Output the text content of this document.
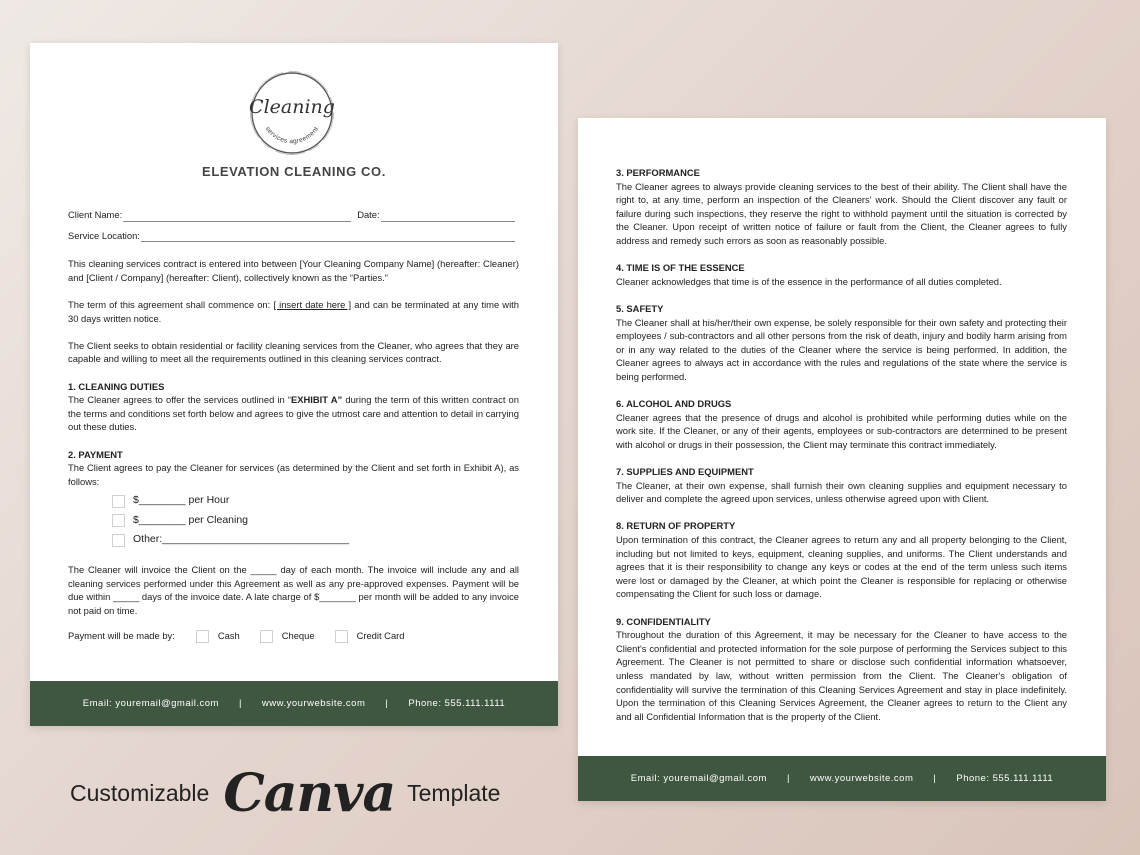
Cleaning
services agreement
ELEVATION CLEANING CO.
Client Name:	Date:
Service Location:

This cleaning services contract is entered into between [Your Cleaning Company Name] (hereafter: Cleaner) and [Client / Company] (hereafter: Client), collectively known as the “Parties.”

The term of this agreement shall commence on: [ insert date here ] and can be terminated at any time with 30 days written notice.

The Client seeks to obtain residential or facility cleaning services from the Cleaner, who agrees that they are capable and willing to meet all the requirements outlined in this cleaning services contract.

1. CLEANING DUTIES

The Cleaner agrees to offer the services outlined in “EXHIBIT A” during the term of this written contract on the terms and conditions set forth below and agrees to give the utmost care and attention to detail in carrying out these duties.

2. PAYMENT

The Client agrees to pay the Cleaner for services (as determined by the Client and set forth in Exhibit A), as follows:

$________ per Hour
$________ per Cleaning
Other:________________________________

The Cleaner will invoice the Client on the _____ day of each month. The invoice will include any and all cleaning services performed under this Agreement as well as any pre-approved expenses. Payment will be due within _____ days of the invoice date. A late charge of $_______ per month will be added to any invoice not paid on time.

Payment will be made by:	Cash	Cheque	Credit Card
Email: youremail@gmail.com | www.yourwebsite.com | Phone: 555.111.1111
3. PERFORMANCE

The Cleaner agrees to always provide cleaning services to the best of their ability. The Client shall have the right to, at any time, perform an inspection of the Cleaners' work. Should the Client discover any fault or failure during such inspections, they reserve the right to withhold payment until the situation is corrected by the Cleaner. Upon receipt of written notice of failure or fault from the Client, the Cleaner agrees to fully address and remedy such errors as soon as reasonably possible.

4. TIME IS OF THE ESSENCE

Cleaner acknowledges that time is of the essence in the performance of all duties completed.

5. SAFETY

The Cleaner shall at his/her/their own expense, be solely responsible for their own safety and protecting their employees / sub-contractors and all other persons from the risk of death, injury and bodily harm arising from or in any way related to the duties of the Cleaner where the service is being performed. In addition, the Cleaner agrees to always act in accordance with the rules and regulations of the state where the service is being performed.

6. ALCOHOL AND DRUGS

Cleaner agrees that the presence of drugs and alcohol is prohibited while performing duties while on the work site. If the Cleaner, or any of their agents, employees or sub-contractors are determined to be present with alcohol or drugs in their possession, the Client may terminate this contract immediately.

7. SUPPLIES AND EQUIPMENT

The Cleaner, at their own expense, shall furnish their own cleaning supplies and equipment necessary to deliver and complete the agreed upon services, unless otherwise agreed upon with Client.

8. RETURN OF PROPERTY

Upon termination of this contract, the Cleaner agrees to return any and all property belonging to the Client, including but not limited to keys, equipment, cleaning supplies, and uniforms. The Client understands and agrees that it is their responsibility to change any keys or codes at the end of the term unless such items were lost or damaged by the Cleaner, at which point the Cleaner is responsible for replacing or otherwise compensating the Client for such loss or damage.

9. CONFIDENTIALITY

Throughout the duration of this Agreement, it may be necessary for the Cleaner to have access to the Client's confidential and protected information for the sole purpose of performing the Services subject to this Agreement. The Cleaner is not permitted to share or disclose such confidential information whatsoever, unless mandated by law, without written permission from the Client. The Cleaner's obligation of confidentiality will survive the termination of this Cleaning Services Agreement and stay in place indefinitely. Upon the termination of this Cleaning Services Agreement, the Cleaner agrees to return to the Client any and all Confidential Information that is the property of the Client.

Email: youremail@gmail.com | www.yourwebsite.com | Phone: 555.111.1111
Customizable Canva Template
